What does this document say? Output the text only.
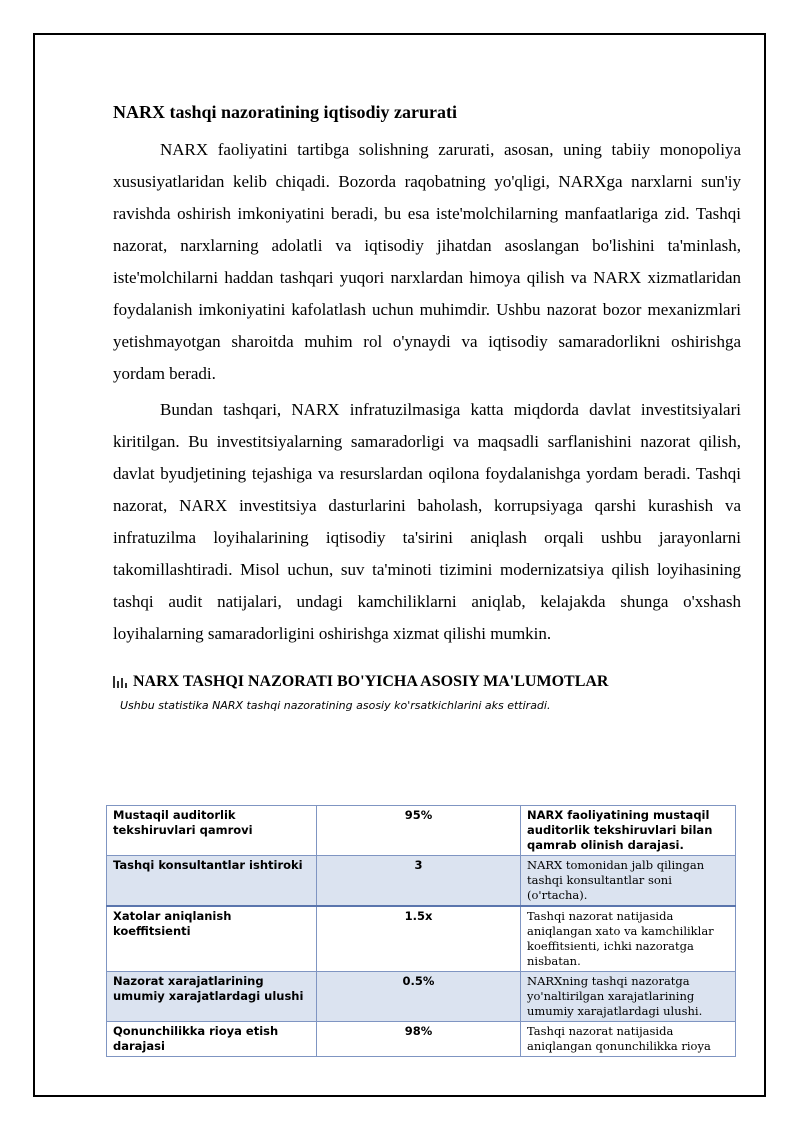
NARX tashqi nazoratining iqtisodiy zarurati

NARX faoliyatini tartibga solishning zarurati, asosan, uning tabiiy monopoliya xususiyatlaridan kelib chiqadi. Bozorda raqobatning yo'qligi, NARXga narxlarni sun'iy ravishda oshirish imkoniyatini beradi, bu esa iste'molchilarning manfaatlariga zid. Tashqi nazorat, narxlarning adolatli va iqtisodiy jihatdan asoslangan bo'lishini ta'minlash, iste'molchilarni haddan tashqari yuqori narxlardan himoya qilish va NARX xizmatlaridan foydalanish imkoniyatini kafolatlash uchun muhimdir. Ushbu nazorat bozor mexanizmlari yetishmayotgan sharoitda muhim rol o'ynaydi va iqtisodiy samaradorlikni oshirishga yordam beradi.

Bundan tashqari, NARX infratuzilmasiga katta miqdorda davlat investitsiyalari kiritilgan. Bu investitsiyalarning samaradorligi va maqsadli sarflanishini nazorat qilish, davlat byudjetining tejashiga va resurslardan oqilona foydalanishga yordam beradi. Tashqi nazorat, NARX investitsiya dasturlarini baholash, korrupsiyaga qarshi kurashish va infratuzilma loyihalarining iqtisodiy ta'sirini aniqlash orqali ushbu jarayonlarni takomillashtiradi. Misol uchun, suv ta'minoti tizimini modernizatsiya qilish loyihasining tashqi audit natijalari, undagi kamchiliklarni aniqlab, kelajakda shunga o'xshash loyihalarning samaradorligini oshirishga xizmat qilishi mumkin.

NARX TASHQI NAZORATI BO'YICHA ASOSIY MA'LUMOTLAR
Ushbu statistika NARX tashqi nazoratining asosiy ko'rsatkichlarini aks ettiradi.
Mustaqil auditorlik tekshiruvlari qamrovi	95%	NARX faoliyatining mustaqil auditorlik tekshiruvlari bilan qamrab olinish darajasi.
Tashqi konsultantlar ishtiroki	3	NARX tomonidan jalb qilingan tashqi konsultantlar soni (o'rtacha).
Xatolar aniqlanish koeffitsienti	1.5x	Tashqi nazorat natijasida aniqlangan xato va kamchiliklar koeffitsienti, ichki nazoratga nisbatan.
Nazorat xarajatlarining umumiy xarajatlardagi ulushi	0.5%	NARXning tashqi nazoratga yo'naltirilgan xarajatlarining umumiy xarajatlardagi ulushi.
Qonunchilikka rioya etish darajasi	98%	Tashqi nazorat natijasida aniqlangan qonunchilikka rioya
